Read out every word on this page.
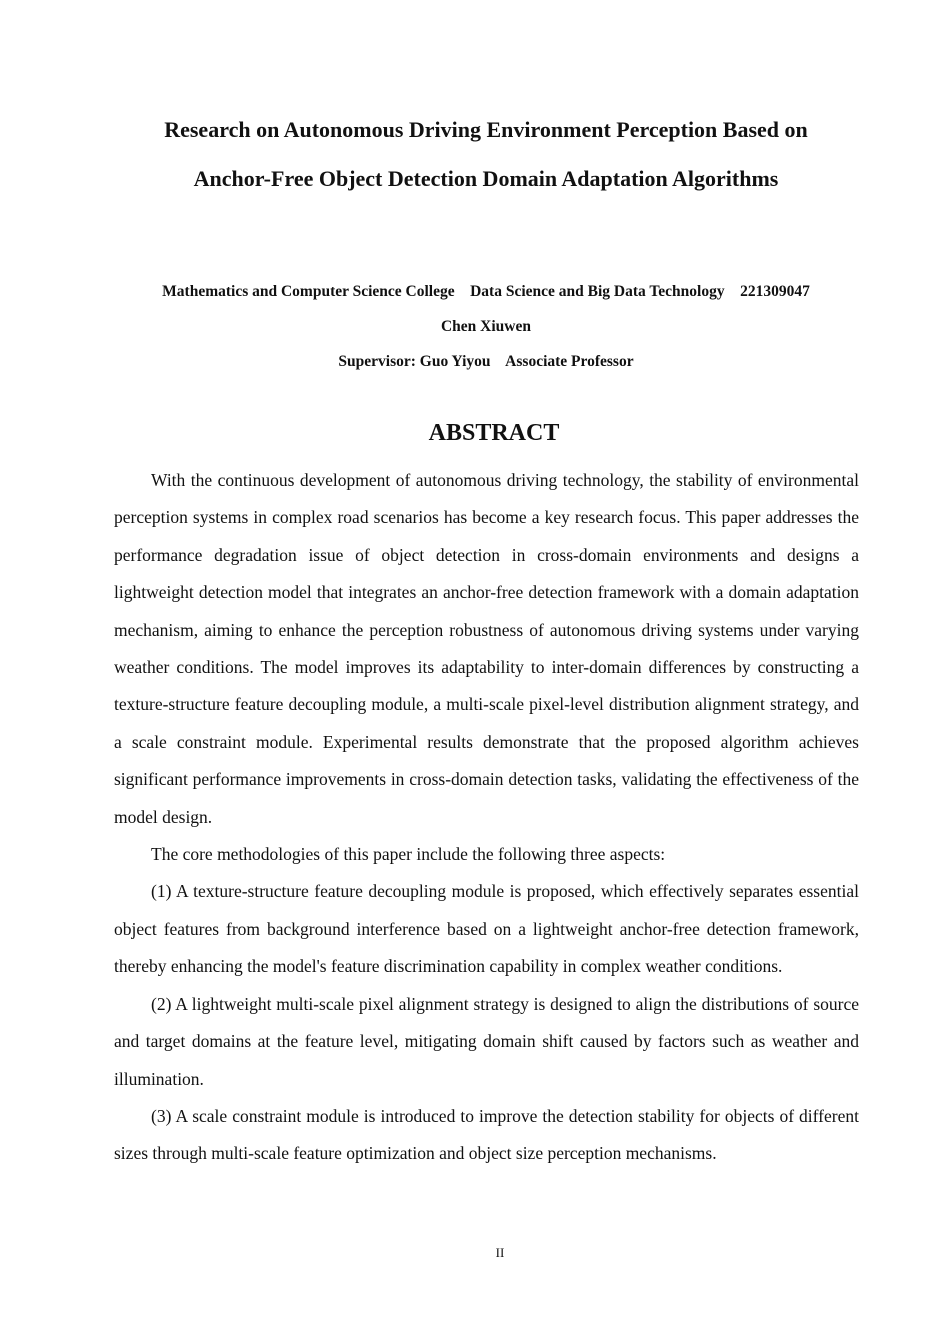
Research on Autonomous Driving Environment Perception Based on
Anchor-Free Object Detection Domain Adaptation Algorithms
Mathematics and Computer Science College    Data Science and Big Data Technology    221309047
Chen Xiuwen
Supervisor: Guo Yiyou    Associate Professor
ABSTRACT

With the continuous development of autonomous driving technology, the stability of environmental perception systems in complex road scenarios has become a key research focus. This paper addresses the performance degradation issue of object detection in cross-domain environments and designs a lightweight detection model that integrates an anchor-free detection framework with a domain adaptation mechanism, aiming to enhance the perception robustness of autonomous driving systems under varying weather conditions. The model improves its adaptability to inter-domain differences by constructing a texture-structure feature decoupling module, a multi-scale pixel-level distribution alignment strategy, and a scale constraint module. Experimental results demonstrate that the proposed algorithm achieves significant performance improvements in cross-domain detection tasks, validating the effectiveness of the model design.

The core methodologies of this paper include the following three aspects:

(1) A texture-structure feature decoupling module is proposed, which effectively separates essential object features from background interference based on a lightweight anchor-free detection framework, thereby enhancing the model's feature discrimination capability in complex weather conditions.

(2) A lightweight multi-scale pixel alignment strategy is designed to align the distributions of source and target domains at the feature level, mitigating domain shift caused by factors such as weather and illumination.

(3) A scale constraint module is introduced to improve the detection stability for objects of different sizes through multi-scale feature optimization and object size perception mechanisms.

II
